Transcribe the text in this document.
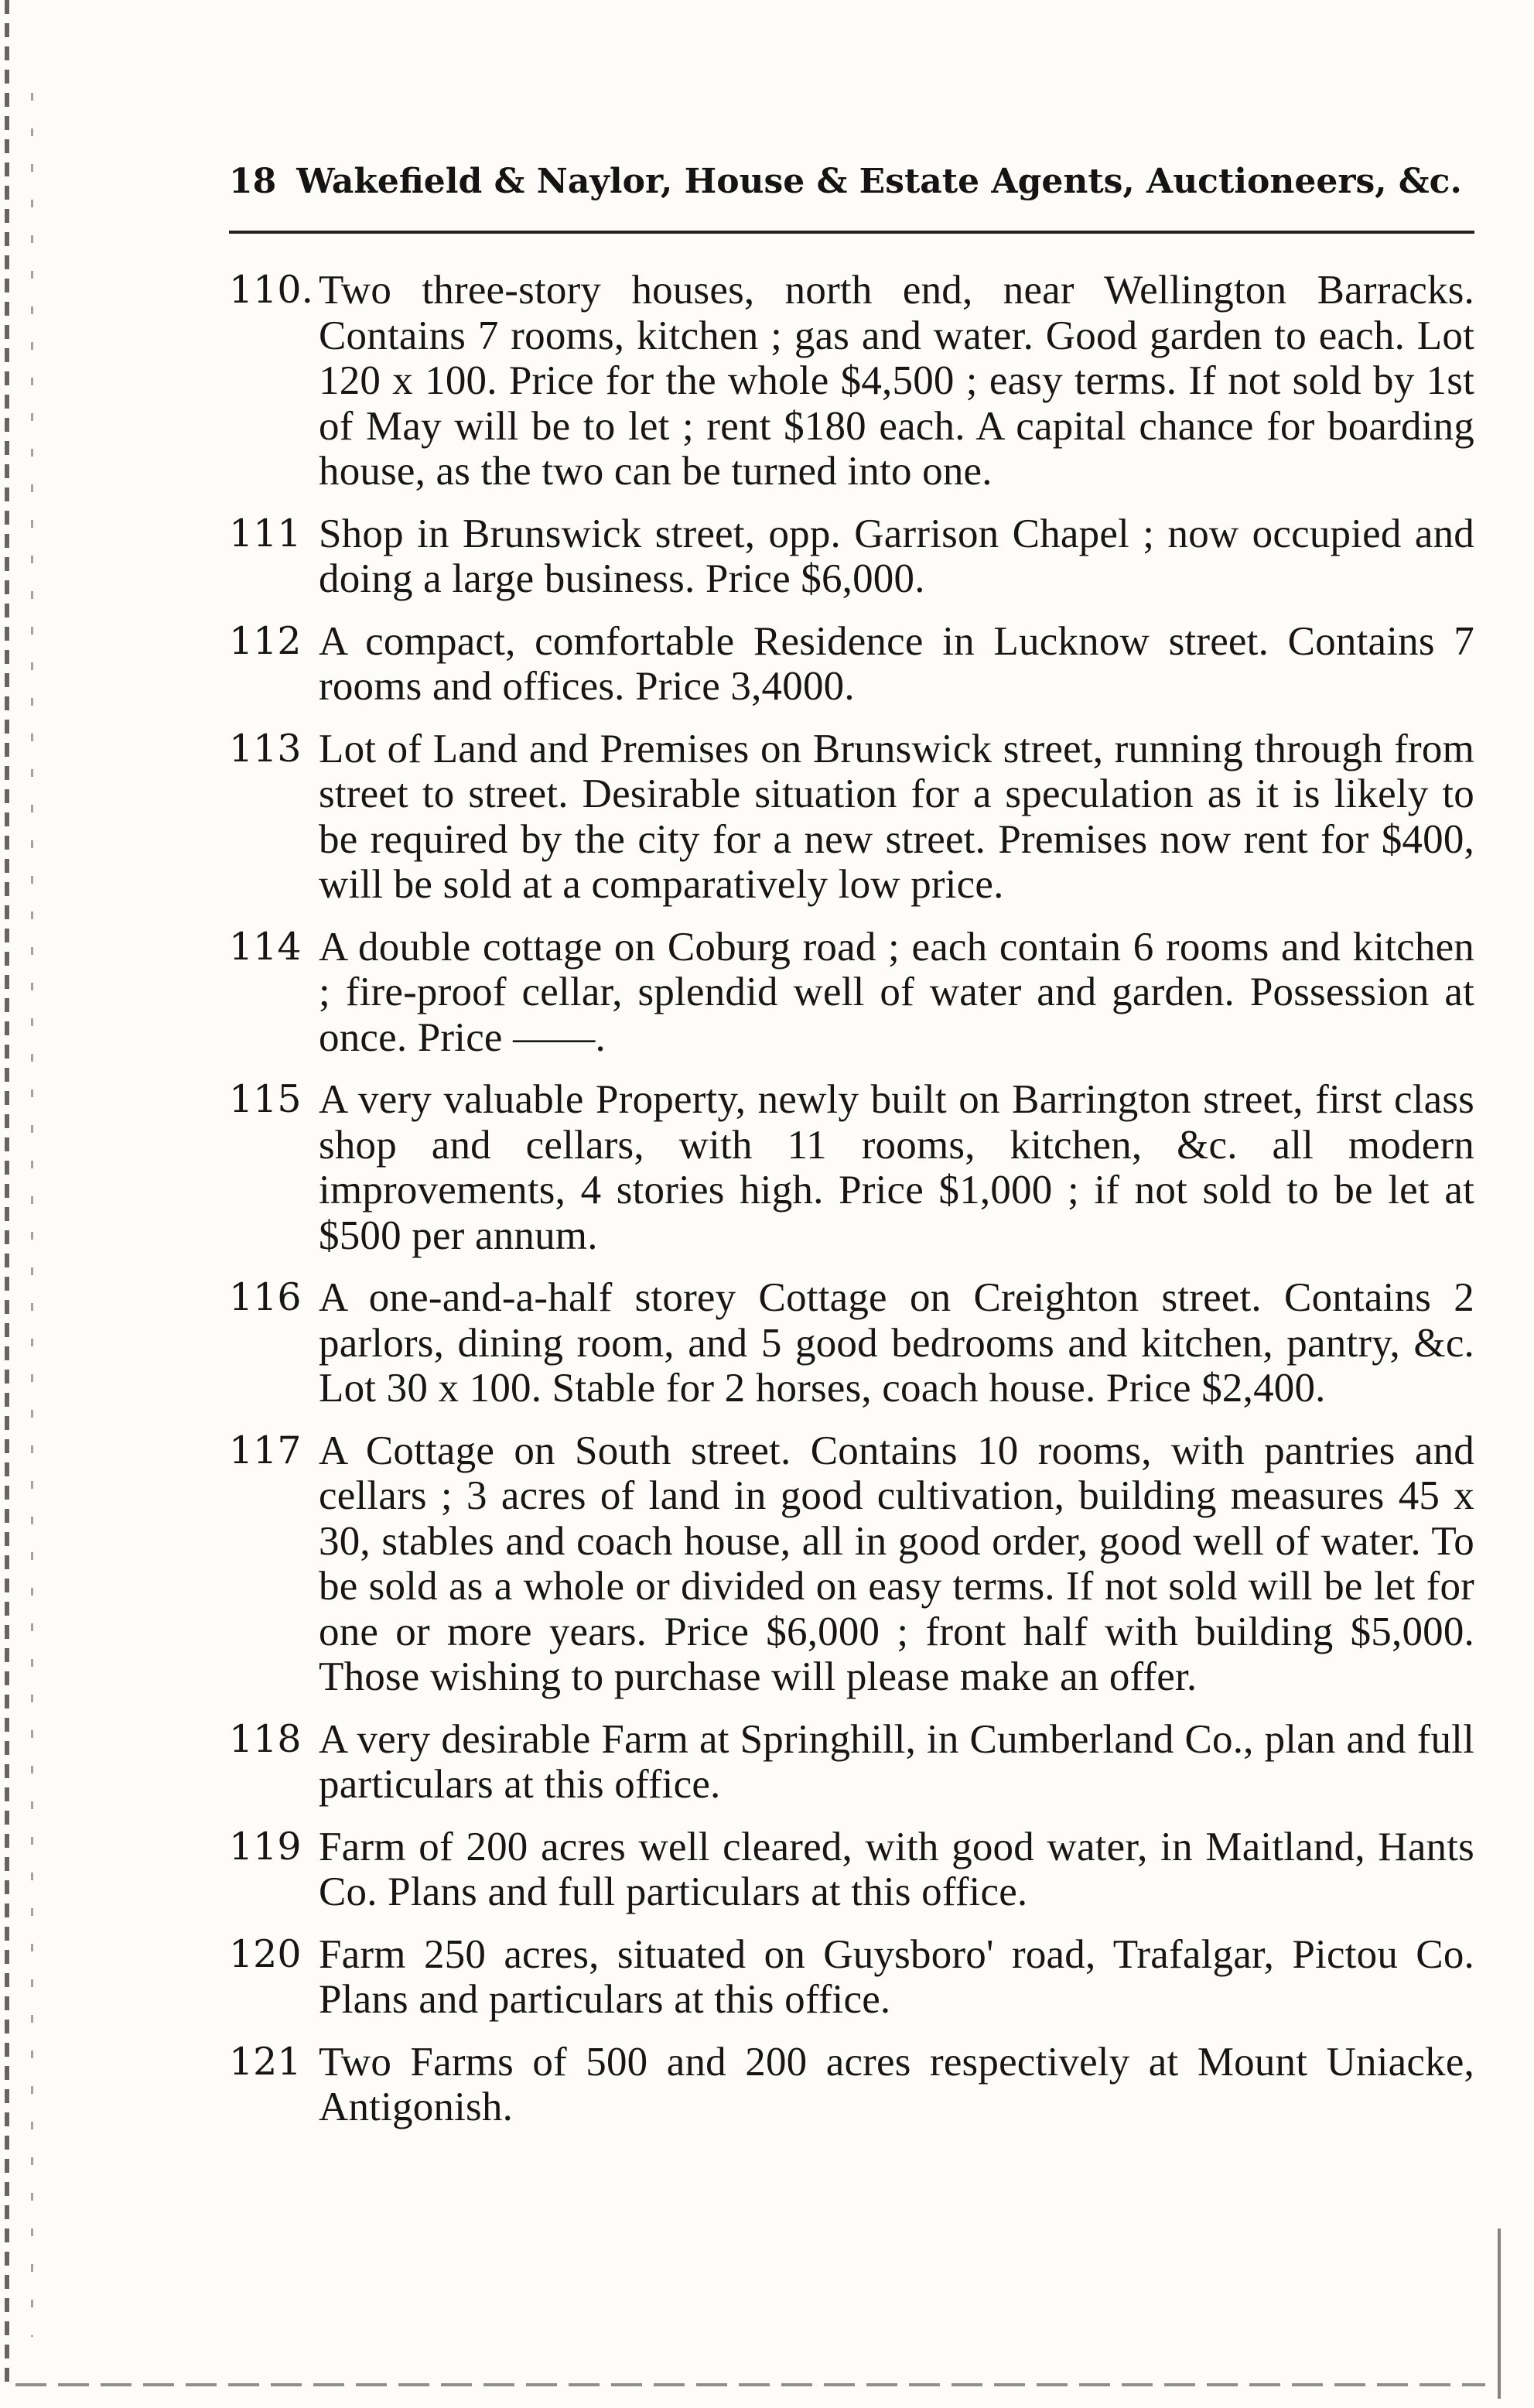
18 Wakefield & Naylor, House & Estate Agents, Auctioneers, &c.
110. Two three-story houses, north end, near Wellington Barracks. Contains 7 rooms, kitchen ; gas and water. Good garden to each. Lot 120 x 100. Price for the whole $4,500 ; easy terms. If not sold by 1st of May will be to let ; rent $180 each. A capital chance for boarding house, as the two can be turned into one.
111 Shop in Brunswick street, opp. Garrison Chapel ; now occupied and doing a large business. Price $6,000.
112 A compact, comfortable Residence in Lucknow street. Contains 7 rooms and offices. Price 3,4000.
113 Lot of Land and Premises on Brunswick street, running through from street to street. Desirable situation for a speculation as it is likely to be required by the city for a new street. Premises now rent for $400, will be sold at a comparatively low price.
114 A double cottage on Coburg road ; each contain 6 rooms and kitchen ; fire-proof cellar, splendid well of water and garden. Possession at once. Price ——.
115 A very valuable Property, newly built on Barrington street, first class shop and cellars, with 11 rooms, kitchen, &c. all modern improvements, 4 stories high. Price $1,000 ; if not sold to be let at $500 per annum.
116 A one-and-a-half storey Cottage on Creighton street. Contains 2 parlors, dining room, and 5 good bedrooms and kitchen, pantry, &c. Lot 30 x 100. Stable for 2 horses, coach house. Price $2,400.
117 A Cottage on South street. Contains 10 rooms, with pantries and cellars ; 3 acres of land in good cultivation, building measures 45 x 30, stables and coach house, all in good order, good well of water. To be sold as a whole or divided on easy terms. If not sold will be let for one or more years. Price $6,000 ; front half with building $5,000. Those wishing to purchase will please make an offer.
118 A very desirable Farm at Springhill, in Cumberland Co., plan and full particulars at this office.
119 Farm of 200 acres well cleared, with good water, in Maitland, Hants Co. Plans and full particulars at this office.
120 Farm 250 acres, situated on Guysboro' road, Trafalgar, Pictou Co. Plans and particulars at this office.
121 Two Farms of 500 and 200 acres respectively at Mount Uniacke, Antigonish.
